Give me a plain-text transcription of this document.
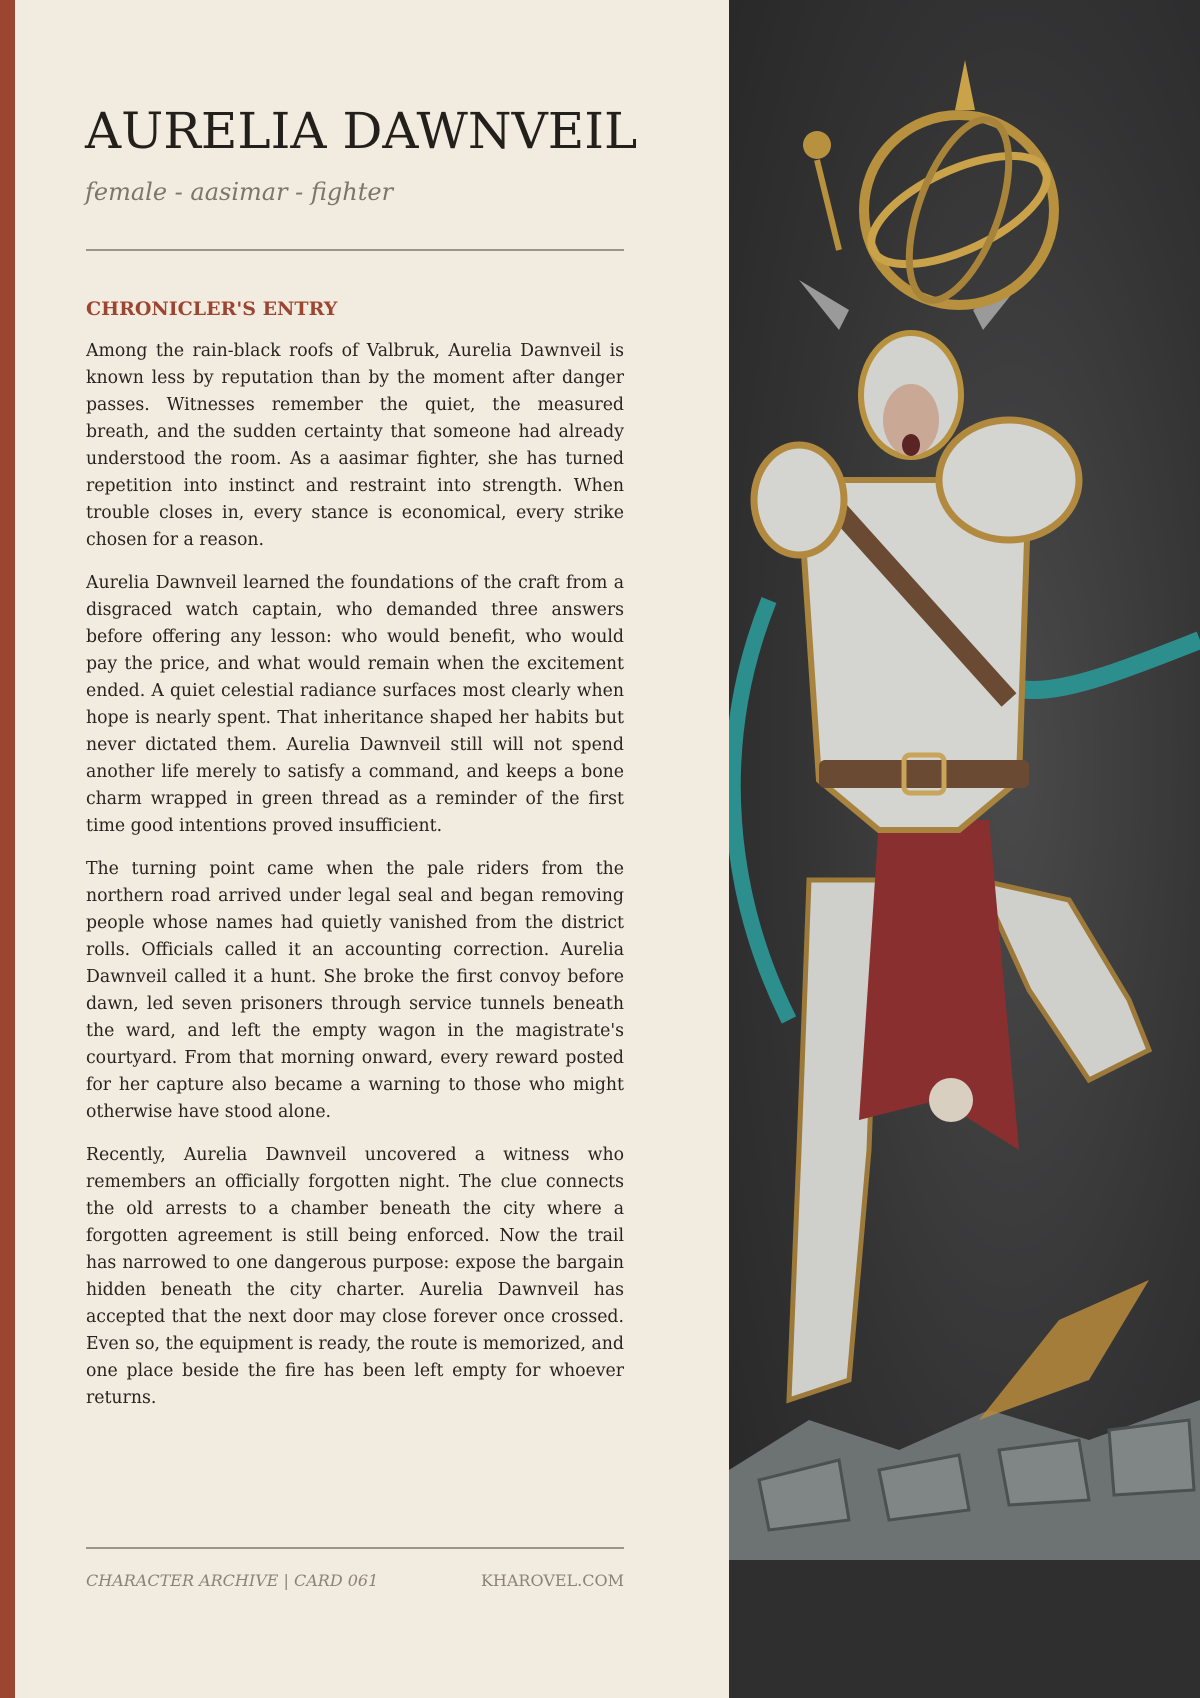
AURELIA DAWNVEIL

female - aasimar - fighter

CHRONICLER'S ENTRY

Among the rain-black roofs of Valbruk, Aurelia Dawnveil is known less by reputation than by the moment after danger passes. Witnesses remember the quiet, the measured breath, and the sudden certainty that someone had already understood the room. As a aasimar fighter, she has turned repetition into instinct and restraint into strength. When trouble closes in, every stance is economical, every strike chosen for a reason.

Aurelia Dawnveil learned the foundations of the craft from a disgraced watch captain, who demanded three answers before offering any lesson: who would benefit, who would pay the price, and what would remain when the excitement ended. A quiet celestial radiance surfaces most clearly when hope is nearly spent. That inheritance shaped her habits but never dictated them. Aurelia Dawnveil still will not spend another life merely to satisfy a command, and keeps a bone charm wrapped in green thread as a reminder of the first time good intentions proved insufficient.

The turning point came when the pale riders from the northern road arrived under legal seal and began removing people whose names had quietly vanished from the district rolls. Officials called it an accounting correction. Aurelia Dawnveil called it a hunt. She broke the first convoy before dawn, led seven prisoners through service tunnels beneath the ward, and left the empty wagon in the magistrate's courtyard. From that morning onward, every reward posted for her capture also became a warning to those who might otherwise have stood alone.

Recently, Aurelia Dawnveil uncovered a witness who remembers an officially forgotten night. The clue connects the old arrests to a chamber beneath the city where a forgotten agreement is still being enforced. Now the trail has narrowed to one dangerous purpose: expose the bargain hidden beneath the city charter. Aurelia Dawnveil has accepted that the next door may close forever once crossed. Even so, the equipment is ready, the route is memorized, and one place beside the fire has been left empty for whoever returns.

CHARACTER ARCHIVE | CARD 061	KHAROVEL.COM
